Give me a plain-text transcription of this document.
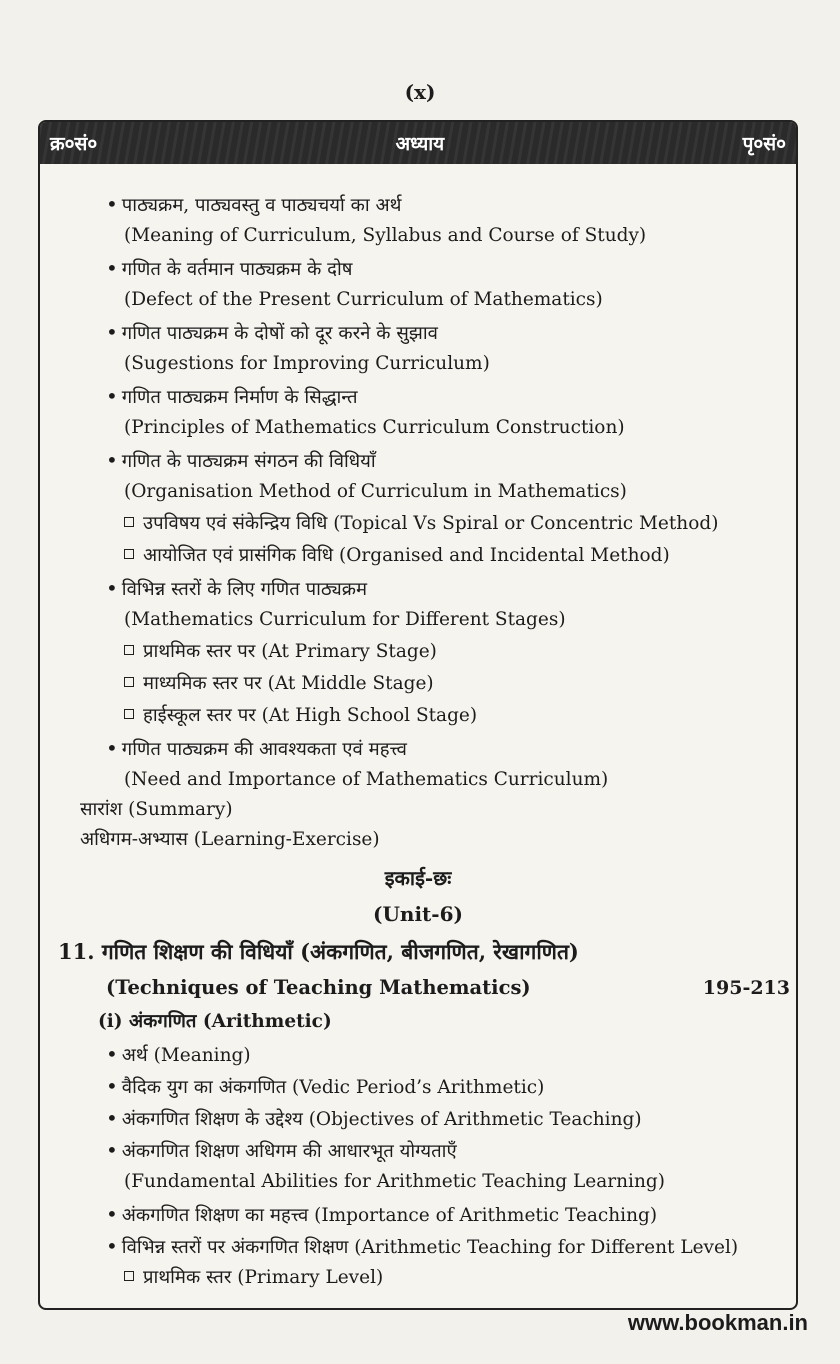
(x)
क्र०सं०	अध्याय	पृ०सं०
• पाठ्यक्रम, पाठ्यवस्तु व पाठ्यचर्या का अर्थ
(Meaning of Curriculum, Syllabus and Course of Study)
• गणित के वर्तमान पाठ्यक्रम के दोष
(Defect of the Present Curriculum of Mathematics)
• गणित पाठ्यक्रम के दोषों को दूर करने के सुझाव
(Sugestions for Improving Curriculum)
• गणित पाठ्यक्रम निर्माण के सिद्धान्त
(Principles of Mathematics Curriculum Construction)
• गणित के पाठ्यक्रम संगठन की विधियाँ
(Organisation Method of Curriculum in Mathematics)
उपविषय एवं संकेन्द्रिय विधि (Topical Vs Spiral or Concentric Method)
आयोजित एवं प्रासंगिक विधि (Organised and Incidental Method)
• विभिन्न स्तरों के लिए गणित पाठ्यक्रम
(Mathematics Curriculum for Different Stages)
प्राथमिक स्तर पर (At Primary Stage)
माध्यमिक स्तर पर (At Middle Stage)
हाईस्कूल स्तर पर (At High School Stage)
• गणित पाठ्यक्रम की आवश्यकता एवं महत्त्व
(Need and Importance of Mathematics Curriculum)
सारांश (Summary)
अधिगम-अभ्यास (Learning-Exercise)
इकाई-छः
(Unit-6)
11. गणित शिक्षण की विधियाँ (अंकगणित, बीजगणित, रेखागणित)
(Techniques of Teaching Mathematics)	195-213
(i) अंकगणित (Arithmetic)
• अर्थ (Meaning)
• वैदिक युग का अंकगणित (Vedic Period’s Arithmetic)
• अंकगणित शिक्षण के उद्देश्य (Objectives of Arithmetic Teaching)
• अंकगणित शिक्षण अधिगम की आधारभूत योग्यताएँ
(Fundamental Abilities for Arithmetic Teaching Learning)
• अंकगणित शिक्षण का महत्त्व (Importance of Arithmetic Teaching)
• विभिन्न स्तरों पर अंकगणित शिक्षण (Arithmetic Teaching for Different Level)
प्राथमिक स्तर (Primary Level)
www.bookman.in
